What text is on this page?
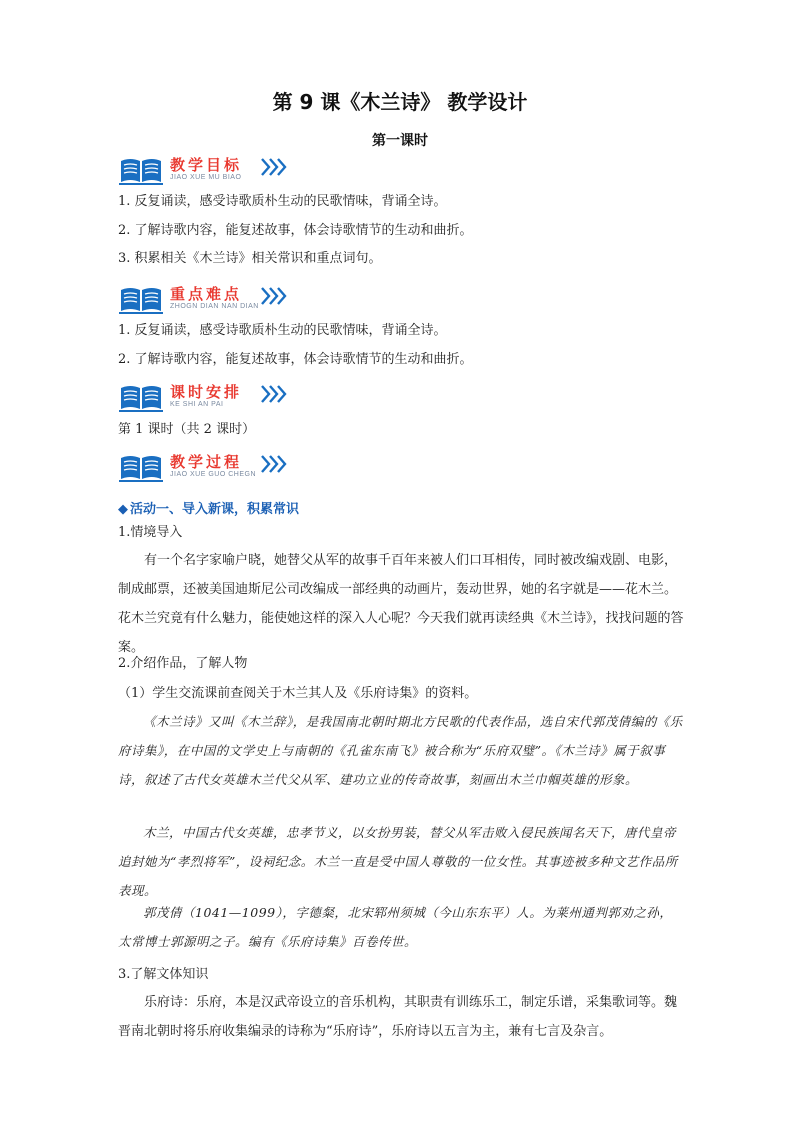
第 9 课《木兰诗》 教学设计
第一课时
教学目标
JIAO XUE MU BIAO
1. 反复诵读，感受诗歌质朴生动的民歌情味，背诵全诗。
2. 了解诗歌内容，能复述故事，体会诗歌情节的生动和曲折。
3. 积累相关《木兰诗》相关常识和重点词句。
重点难点
ZHOGN DIAN NAN DIAN
1. 反复诵读，感受诗歌质朴生动的民歌情味，背诵全诗。
2. 了解诗歌内容，能复述故事，体会诗歌情节的生动和曲折。
课时安排
KE SHI AN PAI
第 1 课时（共 2 课时）
教学过程
JIAO XUE GUO CHEGN
◆ 活动一、导入新课，积累常识
1.情境导入
有一个名字家喻户晓，她替父从军的故事千百年来被人们口耳相传，同时被改编戏剧、电影，制成邮票，还被美国迪斯尼公司改编成一部经典的动画片，轰动世界，她的名字就是——花木兰。花木兰究竟有什么魅力，能使她这样的深入人心呢？今天我们就再读经典《木兰诗》，找找问题的答案。
2.介绍作品，了解人物
（1）学生交流课前查阅关于木兰其人及《乐府诗集》的资料。
《木兰诗》又叫《木兰辞》，是我国南北朝时期北方民歌的代表作品，选自宋代郭茂倩编的《乐府诗集》，在中国的文学史上与南朝的《孔雀东南飞》被合称为“乐府双璧”。《木兰诗》属于叙事诗，叙述了古代女英雄木兰代父从军、建功立业的传奇故事，刻画出木兰巾帼英雄的形象。
木兰，中国古代女英雄，忠孝节义，以女扮男装，替父从军击败入侵民族闻名天下，唐代皇帝追封她为“孝烈将军”，设祠纪念。木兰一直是受中国人尊敬的一位女性。其事迹被多种文艺作品所表现。
郭茂倩（1041—1099），字德粲，北宋郓州须城（今山东东平）人。为莱州通判郭劝之孙，太常博士郭源明之子。编有《乐府诗集》百卷传世。
3.了解文体知识
乐府诗：乐府，本是汉武帝设立的音乐机构，其职责有训练乐工，制定乐谱，采集歌词等。魏晋南北朝时将乐府收集编录的诗称为“乐府诗”，乐府诗以五言为主，兼有七言及杂言。
